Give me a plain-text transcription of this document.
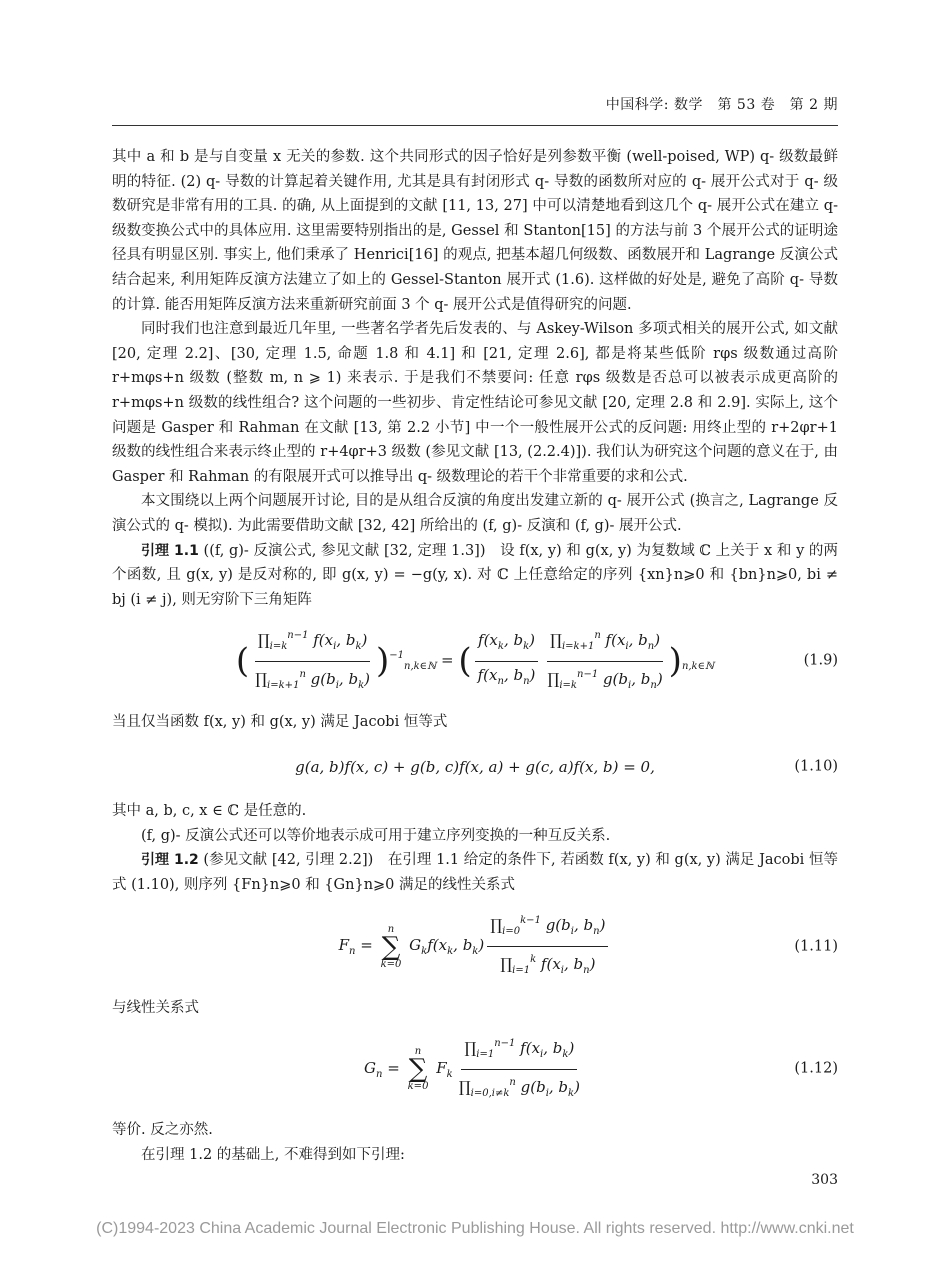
中国科学: 数学　第 53 卷　第 2 期

其中 a 和 b 是与自变量 x 无关的参数. 这个共同形式的因子恰好是列参数平衡 (well-poised, WP) q- 级数最鲜明的特征. (2) q- 导数的计算起着关键作用, 尤其是具有封闭形式 q- 导数的函数所对应的 q- 展开公式对于 q- 级数研究是非常有用的工具. 的确, 从上面提到的文献 [11, 13, 27] 中可以清楚地看到这几个 q- 展开公式在建立 q- 级数变换公式中的具体应用. 这里需要特别指出的是, Gessel 和 Stanton[15] 的方法与前 3 个展开公式的证明途径具有明显区别. 事实上, 他们秉承了 Henrici[16] 的观点, 把基本超几何级数、函数展开和 Lagrange 反演公式结合起来, 利用矩阵反演方法建立了如上的 Gessel-Stanton 展开式 (1.6). 这样做的好处是, 避免了高阶 q- 导数的计算. 能否用矩阵反演方法来重新研究前面 3 个 q- 展开公式是值得研究的问题.

同时我们也注意到最近几年里, 一些著名学者先后发表的、与 Askey-Wilson 多项式相关的展开公式, 如文献 [20, 定理 2.2]、[30, 定理 1.5, 命题 1.8 和 4.1] 和 [21, 定理 2.6], 都是将某些低阶 rφs 级数通过高阶 r+mφs+n 级数 (整数 m, n ⩾ 1) 来表示. 于是我们不禁要问: 任意 rφs 级数是否总可以被表示成更高阶的 r+mφs+n 级数的线性组合? 这个问题的一些初步、肯定性结论可参见文献 [20, 定理 2.8 和 2.9]. 实际上, 这个问题是 Gasper 和 Rahman 在文献 [13, 第 2.2 小节] 中一个一般性展开公式的反问题: 用终止型的 r+2φr+1 级数的线性组合来表示终止型的 r+4φr+3 级数 (参见文献 [13, (2.2.4)]). 我们认为研究这个问题的意义在于, 由 Gasper 和 Rahman 的有限展开式可以推导出 q- 级数理论的若干个非常重要的求和公式.

本文围绕以上两个问题展开讨论, 目的是从组合反演的角度出发建立新的 q- 展开公式 (换言之, Lagrange 反演公式的 q- 模拟). 为此需要借助文献 [32, 42] 所给出的 (f, g)- 反演和 (f, g)- 展开公式.

引理 1.1 ((f, g)- 反演公式, 参见文献 [32, 定理 1.3])　设 f(x, y) 和 g(x, y) 为复数域 ℂ 上关于 x 和 y 的两个函数, 且 g(x, y) 是反对称的, 即 g(x, y) = −g(y, x). 对 ℂ 上任意给定的序列 {xn}n⩾0 和 {bn}n⩾0, bi ≠ bj (i ≠ j), 则无穷阶下三角矩阵

( $\frac{\prod_{i=k}^{n-1} f(x_i, b_k)}{\prod_{i=k+1}^n g(b_i, b_k)} )^{-1}_{n,k\in ℕ}$ = ( $\frac{f(x_k, b_k)}{f(x_n, b_n)} \frac{\prod_{i=k+1}^n f(x_i, b_n)}{\prod_{i=k}^{n-1} g(b_i, b_n)} )_{n,k\in ℕ}$	(1.9)

当且仅当函数 f(x, y) 和 g(x, y) 满足 Jacobi 恒等式

g(a, b)f(x, c) + g(b, c)f(x, a) + g(c, a)f(x, b) = 0,	(1.10)

其中 a, b, c, x ∈ ℂ 是任意的.

(f, g)- 反演公式还可以等价地表示成可用于建立序列变换的一种互反关系.

引理 1.2 (参见文献 [42, 引理 2.2])　在引理 1.1 给定的条件下, 若函数 f(x, y) 和 g(x, y) 满足 Jacobi 恒等式 (1.10), 则序列 {Fn}n⩾0 和 {Gn}n⩾0 满足的线性关系式

$F_n$ =
n
∑
k=0
$G_kf(x_k$, $b_k) \frac{\prod_{i=0}^{k-1} g(b_i, b_n)}{\prod_{i=1}^k f(x_i, b_n)}$	(1.11)

与线性关系式

$G_n$ =
n
∑
k=0
$F_k \frac{\prod_{i=1}^{n-1} f(x_i, b_k)}{\prod_{i=0,i\ne k}^n g(b_i, b_k)}$	(1.12)

等价. 反之亦然.

在引理 1.2 的基础上, 不难得到如下引理:

303
(C)1994-2023 China Academic Journal Electronic Publishing House. All rights reserved. http://www.cnki.net
